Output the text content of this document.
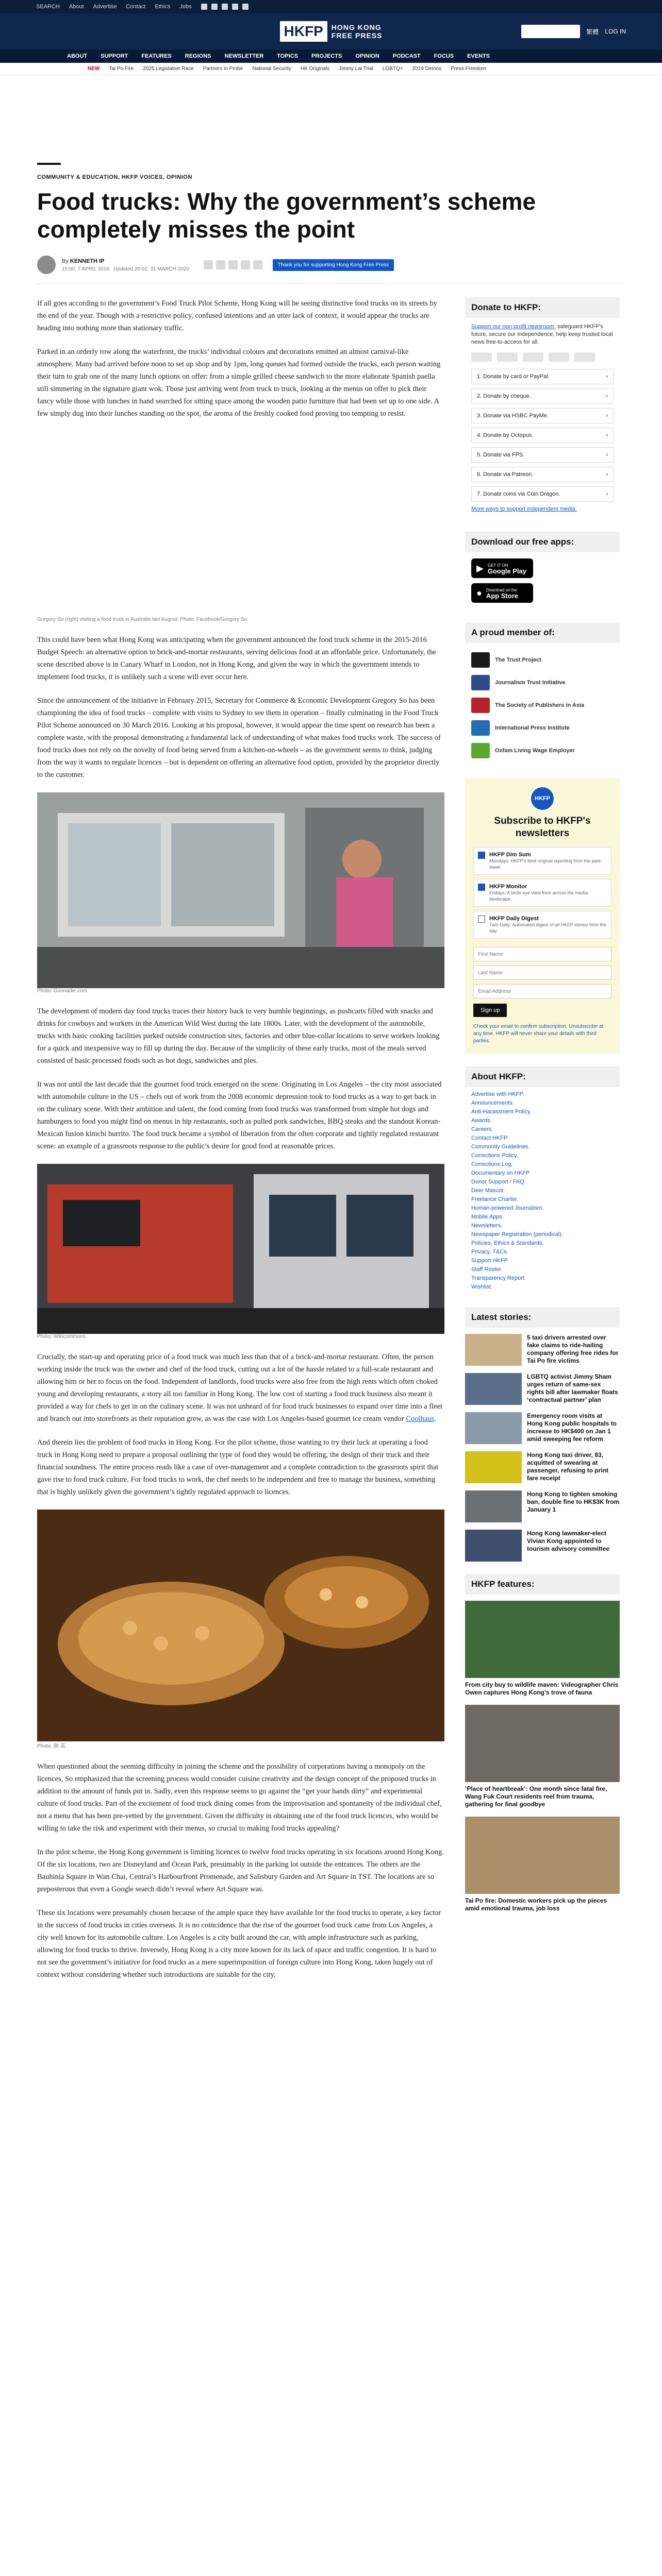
SEARCH About Advertise Contact Ethics Jobs
HKFP	HONG KONG
FREE PRESS	SUPPORT HKFP	繁體 LOG IN
ABOUT SUPPORT FEATURES REGIONS NEWSLETTER TOPICS PROJECTS OPINION PODCAST FOCUS EVENTS
NEW Tai Po Fire 2025 Legislative Race Partners in Probe National Security HK Originals Jimmy Lai Trial LGBTQ+ 2019 Demos Press Freedom
COMMUNITY & EDUCATION, HKFP VOICES, OPINION
Food trucks: Why the government’s scheme completely misses the point
By KENNETH IP
15:00, 7 APRIL 2016 Updated 20:02, 31 MARCH 2020
Thank you for supporting Hong Kong Free Press

If all goes according to the government’s Food Truck Pilot Scheme, Hong Kong will be seeing distinctive food trucks on its streets by the end of the year. Though with a restrictive policy, confused intentions and an utter lack of context, it would appear the trucks are heading into nothing more than stationary traffic.

Parked in an orderly row along the waterfront, the trucks’ individual colours and decorations emitted an almost carnival-like atmosphere. Many had arrived before noon to set up shop and by 1pm, long queues had formed outside the trucks, each person waiting their turn to grab one of the many lunch options on offer: from a simple grilled cheese sandwich to the more elaborate Spanish paella still simmering in the signature giant wok. Those just arriving went from truck to truck, looking at the menus on offer to pick their fancy while those with lunches in hand searched for sitting space among the wooden patio furniture that had been set up to one side. A few simply dug into their lunches standing on the spot, the aroma of the freshly cooked food proving too tempting to resist.

Gregory So (right) visiting a food truck in Australia last August. Photo: Facebook/Gregory So.

This could have been what Hong Kong was anticipating when the government announced the food truck scheme in the 2015-2016 Budget Speech: an alternative option to brick-and-mortar restaurants, serving delicious food at an affordable price. Unfortunately, the scene described above is in Canary Wharf in London, not in Hong Kong, and given the way in which the government intends to implement food trucks, it is unlikely such a scene will ever occur here.

Since the announcement of the initiative in February 2015, Secretary for Commerce & Economic Development Gregory So has been championing the idea of food trucks – complete with visits to Sydney to see them in operation – finally culminating in the Food Truck Pilot Scheme announced on 30 March 2016. Looking at his proposal, however, it would appear the time spent on research has been a complete waste, with the proposal demonstrating a fundamental lack of understanding of what makes food trucks work. The success of food trucks does not rely on the novelty of food being served from a kitchen-on-wheels – as the government seems to think, judging from the way it wants to regulate licences – but is dependent on offering an alternative food option, provided by the proprietor directly to the customer.

Photo: Gonnadie.com.

The development of modern day food trucks traces their history back to very humble beginnings, as pushcarts filled with snacks and drinks for cowboys and workers in the American Wild West during the late 1800s. Later, with the development of the automobile, trucks with basic cooking facilities parked outside construction sites, factories and other blue-collar locations to serve workers looking for a quick and inexpensive way to fill up during the day. Because of the simplicity of these early trucks, most of the meals served consisted of basic processed foods such as hot dogs, sandwiches and pies.

It was not until the last decade that the gourmet food truck emerged on the scene. Originating in Los Angeles – the city most associated with automobile culture in the US – chefs out of work from the 2008 economic depression took to food trucks as a way to get back in on the culinary scene. With their ambition and talent, the food coming from food trucks was transformed from simple hot dogs and hamburgers to food you might find on menus in hip restaurants, such as pulled pork sandwiches, BBQ steaks and the standout Korean-Mexican fusion kimchi burrito. The food truck became a symbol of liberation from the often corporate and tightly regulated restaurant scene: an example of a grassroots response to the public’s desire for good food at reasonable prices.

Photo: Wikicommons.

Crucially, the start-up and operating price of a food truck was much less than that of a brick-and-mortar restaurant. Often, the person working inside the truck was the owner and chef of the food truck, cutting out a lot of the hassle related to a full-scale restaurant and allowing him or her to focus on the food. Independent of landlords, food trucks were also free from the high rents which often choked young and developing restaurants, a story all too familiar in Hong Kong. The low cost of starting a food truck business also meant it provided a way for chefs to get in on the culinary scene. It was not unheard of for food truck businesses to expand over time into a fleet and branch out into storefronts as their reputation grew, as was the case with Los Angeles-based gourmet ice cream vendor Coolhaus.

And therein lies the problem of food trucks in Hong Kong. For the pilot scheme, those wanting to try their luck at operating a food truck in Hong Kong need to prepare a proposal outlining the type of food they would be offering, the design of their truck and their financial soundness. The entire process reads like a case of over-management and a complete contradiction to the grassroots spirit that gave rise to food truck culture. For food trucks to work, the chef needs to be independent and free to manage the business, something that is highly unlikely given the government’s tightly regulated approach to licences.

Photo: 鍋 蓋.

When questioned about the seeming difficulty in joining the scheme and the possibility of corporations having a monopoly on the licences, So emphasized that the screening process would consider cuisine creativity and the design concept of the proposed trucks in addition to the amount of funds put in. Sadly, even this response seems to go against the “get your hands dirty” and experimental culture of food trucks. Part of the excitement of food truck dining comes from the improvisation and spontaneity of the individual chef, not a menu that has been pre-vetted by the government. Given the difficulty in obtaining one of the food truck licences, who would be willing to take the risk and experiment with their menus, so crucial to making food trucks appealing?

In the pilot scheme, the Hong Kong government is limiting licences to twelve food trucks operating in six locations around Hong Kong. Of the six locations, two are Disneyland and Ocean Park, presumably in the parking lot outside the entrances. The others are the Bauhinia Square in Wan Chai, Central’s Harbourfront Promenade, and Salisbury Garden and Art Square in TST. The locations are so preposterous that even a Google search didn’t reveal where Art Square was.

These six locations were presumably chosen because of the ample space they have available for the food trucks to operate, a key factor in the success of food trucks in cities overseas. It is no coincidence that the rise of the gourmet food truck came from Los Angeles, a city well known for its automobile culture. Los Angeles is a city built around the car, with ample infrastructure such as parking, allowing for food trucks to thrive. Inversely, Hong Kong is a city more known for its lack of space and traffic congestion. It is hard to not see the government’s initiative for food trucks as a mere superimposition of foreign culture into Hong Kong, taken hugely out of context without considering whether such introductions are suitable for the city.

Donate to HKFP:
Support our non-profit newsroom: safeguard HKFP's future, secure our independence, help keep trusted local news free-to-access for all.
1. Donate by card or PayPal.	›
2. Donate by cheque.	›
3. Donate via HSBC PayMe.	›
4. Donate by Octopus.	›
5. Donate via FPS.	›
6. Donate via Patreon.	›
7. Donate coins via Coin Dragon.	›
More ways to support independent media.
Download our free apps:
▶ GET IT ON
Google Play
● Download on the
App Store
A proud member of:
The Trust Project
Journalism Trust Initiative
The Society of Publishers in Asia
International Press Institute
Oxfam Living Wage Employer
HKFP
Subscribe to HKFP's newsletters
HKFP Dim Sum
Mondays: HKFP's best original reporting from the past week.
HKFP Monitor
Fridays: A birds-eye view from across the media landscape.
HKFP Daily Digest
7am Daily: Automated digest of all HKFP stories from the day.
First Name Last Name Email Address Sign up
Check your email to confirm subscription. Unsubscribe at any time. HKFP will never share your details with third parties.
About HKFP:
Advertise with HKFP.
Announcements.
Anti-Harassment Policy.
Awards.
Careers.
Contact HKFP.
Community Guidelines.
Corrections Policy.
Corrections Log.
Documentary on HKFP.
Donor Support / FAQ.
Deer Mascot.
Freelance Charter.
Human-powered Journalism.
Mobile Apps.
Newsletters.
Newspaper Registration (periodical).
Policies, Ethics & Standards.
Privacy, T&Cs.
Support HKFP.
Staff Roster.
Transparency Report.
Wishlist.
Latest stories:
5 taxi drivers arrested over fake claims to ride-hailing company offering free rides for Tai Po fire victims
LGBTQ activist Jimmy Sham urges return of same-sex rights bill after lawmaker floats ‘contractual partner’ plan
Emergency room visits at Hong Kong public hospitals to increase to HK$400 on Jan 1 amid sweeping fee reform
Hong Kong taxi driver, 83, acquitted of swearing at passenger, refusing to print fare receipt
Hong Kong to tighten smoking ban, double fine to HK$3K from January 1
Hong Kong lawmaker-elect Vivian Kong appointed to tourism advisory committee
HKFP features:
From city buy to wildlife maven: Videographer Chris Owen captures Hong Kong’s trove of fauna
‘Place of heartbreak’: One month since fatal fire, Wang Fuk Court residents reel from trauma, gathering for final goodbye
Tai Po fire: Domestic workers pick up the pieces amid emotional trauma, job loss
